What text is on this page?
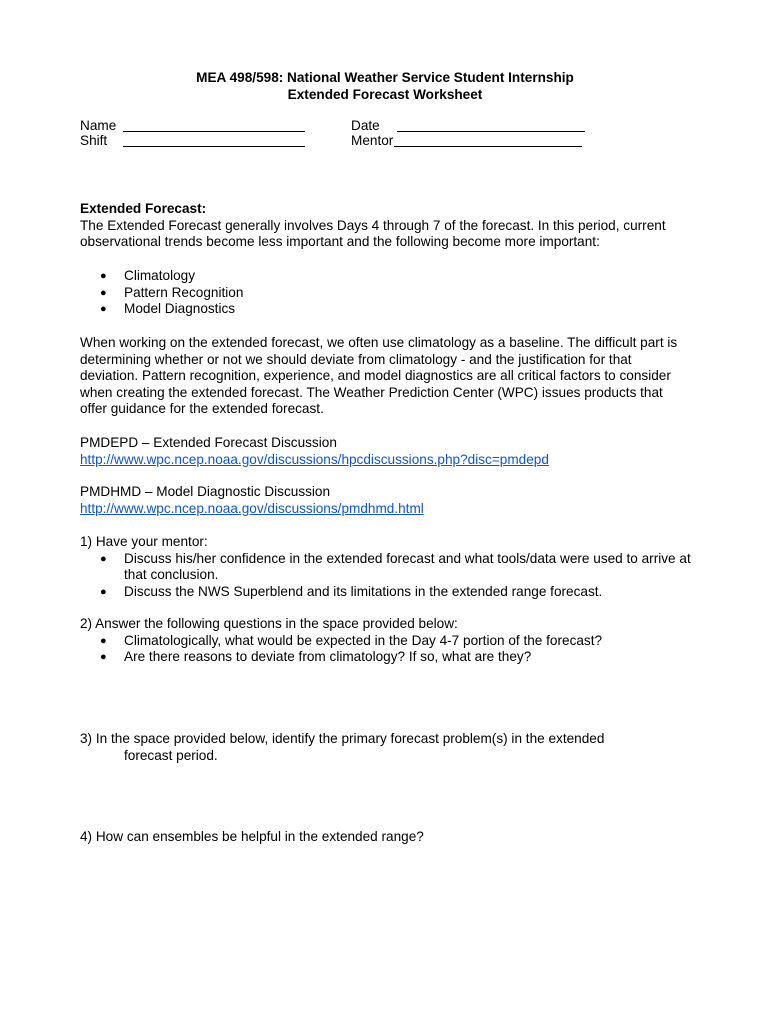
MEA 498/598: National Weather Service Student Internship
Extended Forecast Worksheet
Name
Shift
Date
Mentor
Extended Forecast:
The Extended Forecast generally involves Days 4 through 7 of the forecast. In this period, current observational trends become less important and the following become more important:
● Climatology
● Pattern Recognition
● Model Diagnostics
When working on the extended forecast, we often use climatology as a baseline. The difficult part is determining whether or not we should deviate from climatology - and the justification for that deviation. Pattern recognition, experience, and model diagnostics are all critical factors to consider when creating the extended forecast. The Weather Prediction Center (WPC) issues products that offer guidance for the extended forecast.
PMDEPD – Extended Forecast Discussion
http://www.wpc.ncep.noaa.gov/discussions/hpcdiscussions.php?disc=pmdepd
PMDHMD – Model Diagnostic Discussion
http://www.wpc.ncep.noaa.gov/discussions/pmdhmd.html
1) Have your mentor:
● Discuss his/her confidence in the extended forecast and what tools/data were used to arrive at that conclusion.
● Discuss the NWS Superblend and its limitations in the extended range forecast.
2) Answer the following questions in the space provided below:
● Climatologically, what would be expected in the Day 4-7 portion of the forecast?
● Are there reasons to deviate from climatology? If so, what are they?
3) In the space provided below, identify the primary forecast problem(s) in the extended
forecast period.
4) How can ensembles be helpful in the extended range?
